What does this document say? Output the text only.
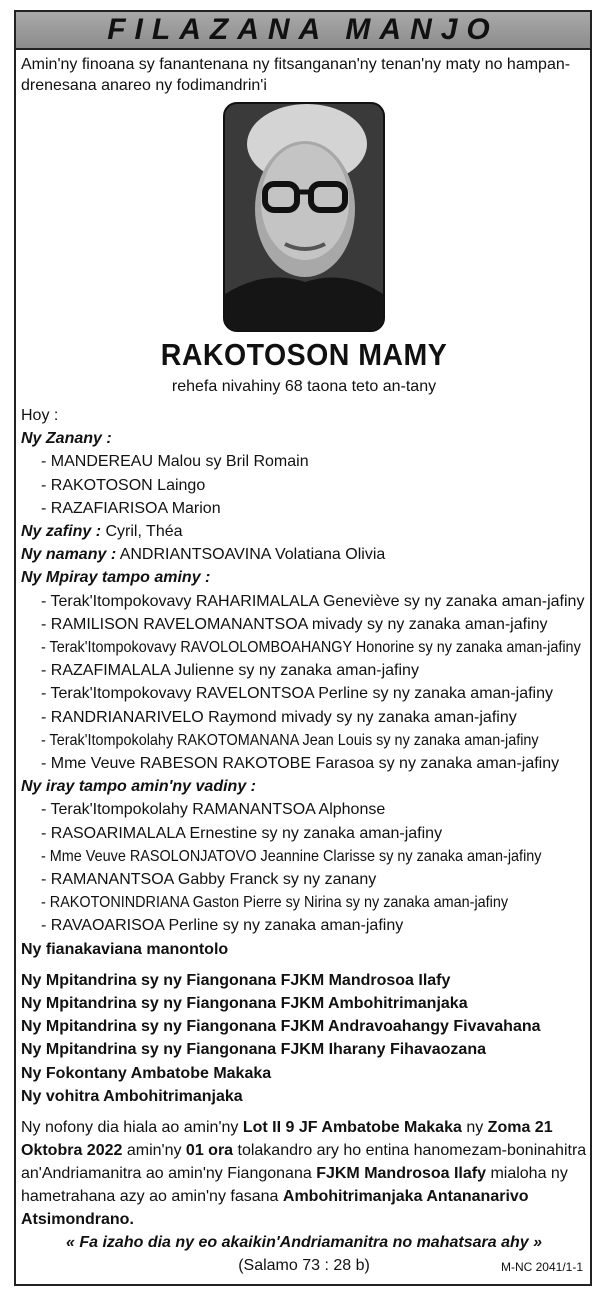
FILAZANA MANJO

Amin'ny finoana sy fanantenana ny fitsanganan'ny tenan'ny maty no hampan-drenesana anareo ny fodimandrin'i

RAKOTOSON MAMY
rehefa nivahiny 68 taona teto an-tany

Hoy :

Ny Zanany :

- MANDEREAU Malou sy Bril Romain

- RAKOTOSON Laingo

- RAZAFIARISOA Marion

Ny zafiny : Cyril, Théa

Ny namany : ANDRIANTSOAVINA Volatiana Olivia

Ny Mpiray tampo aminy :

- Terak'Itompokovavy RAHARIMALALA Geneviève sy ny zanaka aman-jafiny

- RAMILISON RAVELOMANANTSOA mivady sy ny zanaka aman-jafiny

- Terak'Itompokovavy RAVOLOLOMBOAHANGY Honorine sy ny zanaka aman-jafiny

- RAZAFIMALALA Julienne sy ny zanaka aman-jafiny

- Terak'Itompokovavy RAVELONTSOA Perline sy ny zanaka aman-jafiny

- RANDRIANARIVELO Raymond mivady sy ny zanaka aman-jafiny

- Terak'Itompokolahy RAKOTOMANANA Jean Louis sy ny zanaka aman-jafiny

- Mme Veuve RABESON RAKOTOBE Farasoa sy ny zanaka aman-jafiny

Ny iray tampo amin'ny vadiny :

- Terak'Itompokolahy RAMANANTSOA Alphonse

- RASOARIMALALA Ernestine sy ny zanaka aman-jafiny

- Mme Veuve RASOLONJATOVO Jeannine Clarisse sy ny zanaka aman-jafiny

- RAMANANTSOA Gabby Franck sy ny zanany

- RAKOTONINDRIANA Gaston Pierre sy Nirina sy ny zanaka aman-jafiny

- RAVAOARISOA Perline sy ny zanaka aman-jafiny

Ny fianakaviana manontolo

Ny Mpitandrina sy ny Fiangonana FJKM Mandrosoa Ilafy

Ny Mpitandrina sy ny Fiangonana FJKM Ambohitrimanjaka

Ny Mpitandrina sy ny Fiangonana FJKM Andravoahangy Fivavahana

Ny Mpitandrina sy ny Fiangonana FJKM Iharany Fihavaozana

Ny Fokontany Ambatobe Makaka

Ny vohitra Ambohitrimanjaka

Ny nofony dia hiala ao amin'ny Lot II 9 JF Ambatobe Makaka ny Zoma 21 Oktobra 2022 amin'ny 01 ora tolakandro ary ho entina hanomezam-boninahitra an'Andriamanitra ao amin'ny Fiangonana FJKM Mandrosoa Ilafy mialoha ny hametrahana azy ao amin'ny fasana Ambohitrimanjaka Antananarivo Atsimondrano.

« Fa izaho dia ny eo akaikin'Andriamanitra no mahatsara ahy »

(Salamo 73 : 28 b)	M-NC 2041/1-1
